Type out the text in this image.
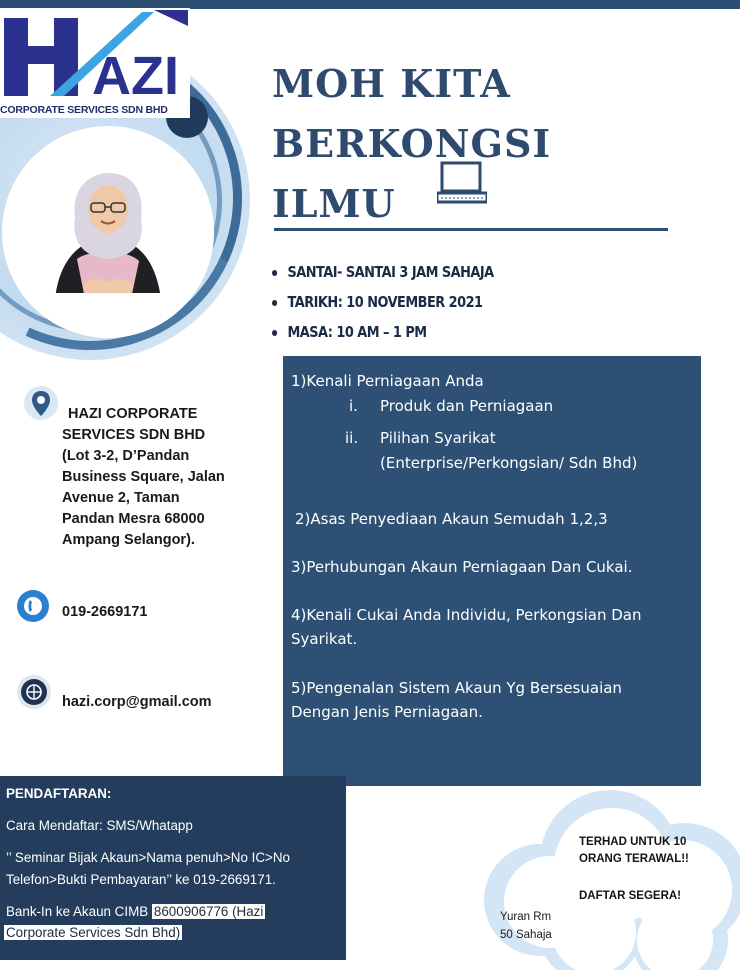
AZI
CORPORATE SERVICES SDN BHD
MOH KITA
BERKONGSI
ILMU
SANTAI- SANTAI 3 JAM SAHAJA
TARIKH: 10 NOVEMBER 2021
MASA: 10 AM – 1 PM
1)Kenali Perniagaan Anda
i. Produk dan Perniagaan
ii. Pilihan Syarikat
(Enterprise/Perkongsian/ Sdn Bhd)
2)Asas Penyediaan Akaun Semudah 1,2,3
3)Perhubungan Akaun Perniagaan Dan Cukai.
4)Kenali Cukai Anda Individu, Perkongsian Dan
Syarikat.
5)Pengenalan Sistem Akaun Yg Bersesuaian
Dengan Jenis Perniagaan.
HAZI CORPORATE
SERVICES SDN BHD
(Lot 3-2, D’Pandan
Business Square, Jalan
Avenue 2, Taman
Pandan Mesra 68000
Ampang Selangor).
019-2669171
hazi.corp@gmail.com
PENDAFTARAN:
Cara Mendaftar: SMS/Whatapp
’’ Seminar Bijak Akaun>Nama penuh>No IC>No
Telefon>Bukti Pembayaran’’ ke 019-2669171.
Bank-In ke Akaun CIMB 8600906776 (Hazi
Corporate Services Sdn Bhd)
TERHAD UNTUK 10
ORANG TERAWAL!!
DAFTAR SEGERA!
Yuran Rm
50 Sahaja
